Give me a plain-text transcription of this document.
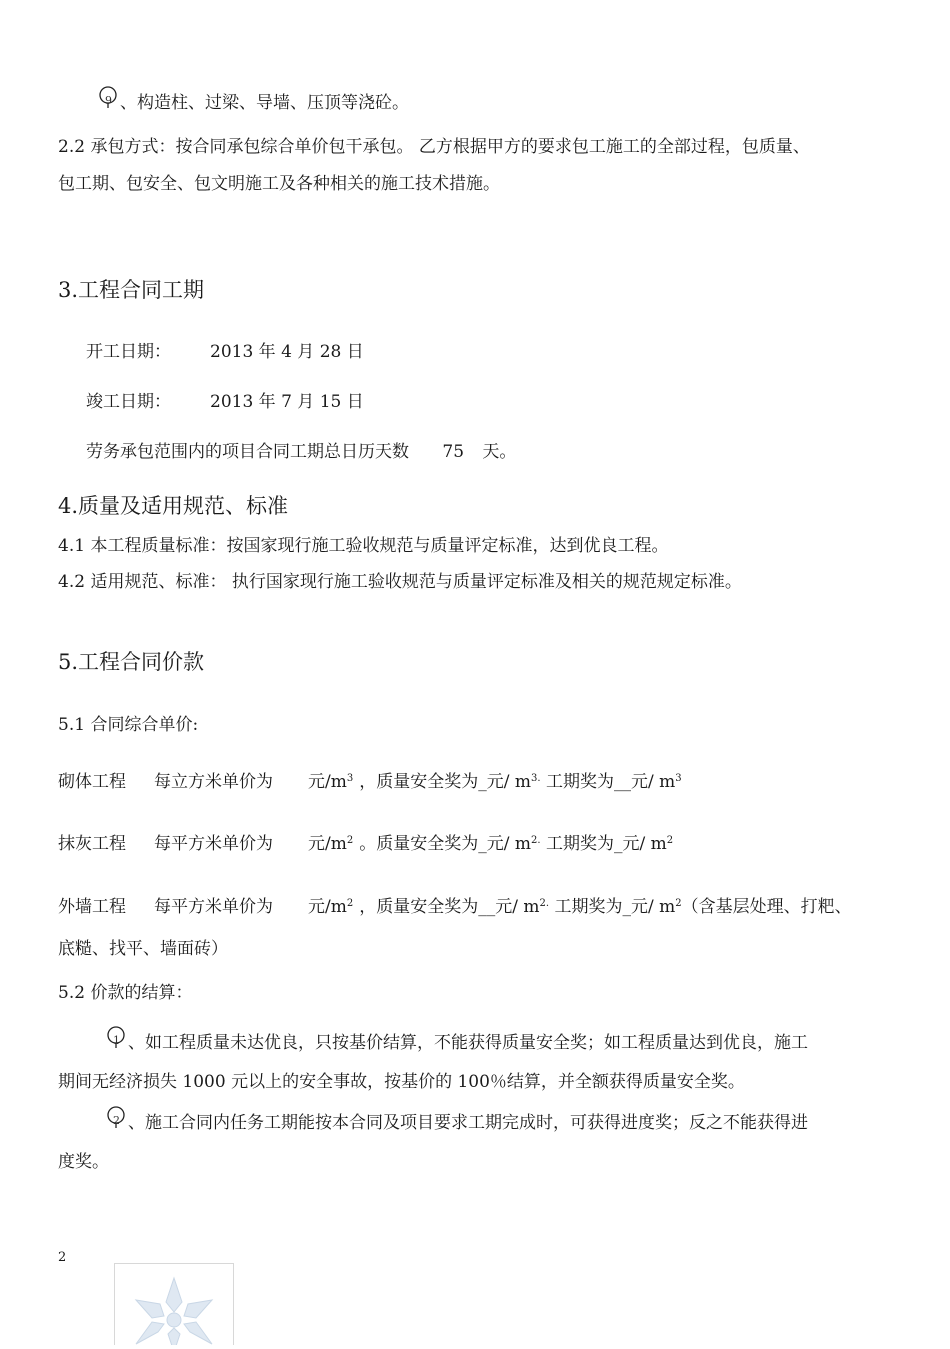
9 、构造柱、过梁、导墙、压顶等浇砼。
2.2 承包方式：按合同承包综合单价包干承包。 乙方根据甲方的要求包工施工的全部过程，包质量、
包工期、包安全、包文明施工及各种相关的施工技术措施。
3.工程合同工期
开工日期： 2013 年 4 月 28 日
竣工日期： 2013 年 7 月 15 日
劳务承包范围内的项目合同工期总日历天数 75 天。
4.质量及适用规范、标准
4.1 本工程质量标准：按国家现行施工验收规范与质量评定标准，达到优良工程。
4.2 适用规范、标准： 执行国家现行施工验收规范与质量评定标准及相关的规范规定标准。
5.工程合同价款
5.1 合同综合单价:
砌体工程 每立方米单价为 元$/m^3$ ，质量安全奖为_元/ $m^{3.}$ 工期奖为__元/ $m^3$
抹灰工程 每平方米单价为 元$/m^2$ 。质量安全奖为_元/ $m^{2.}$ 工期奖为_元/ $m^2$
外墙工程 每平方米单价为 元$/m^2$ ，质量安全奖为__元/ $m^{2.}$ 工期奖为_元/ $m^2$（含基层处理、打粑、
底糙、找平、墙面砖）
5.2 价款的结算：
1 、如工程质量未达优良，只按基价结算，不能获得质量安全奖；如工程质量达到优良，施工
期间无经济损失 1000 元以上的安全事故，按基价的 100％结算，并全额获得质量安全奖。
2 、施工合同内任务工期能按本合同及项目要求工期完成时，可获得进度奖；反之不能获得进
度奖。
2
